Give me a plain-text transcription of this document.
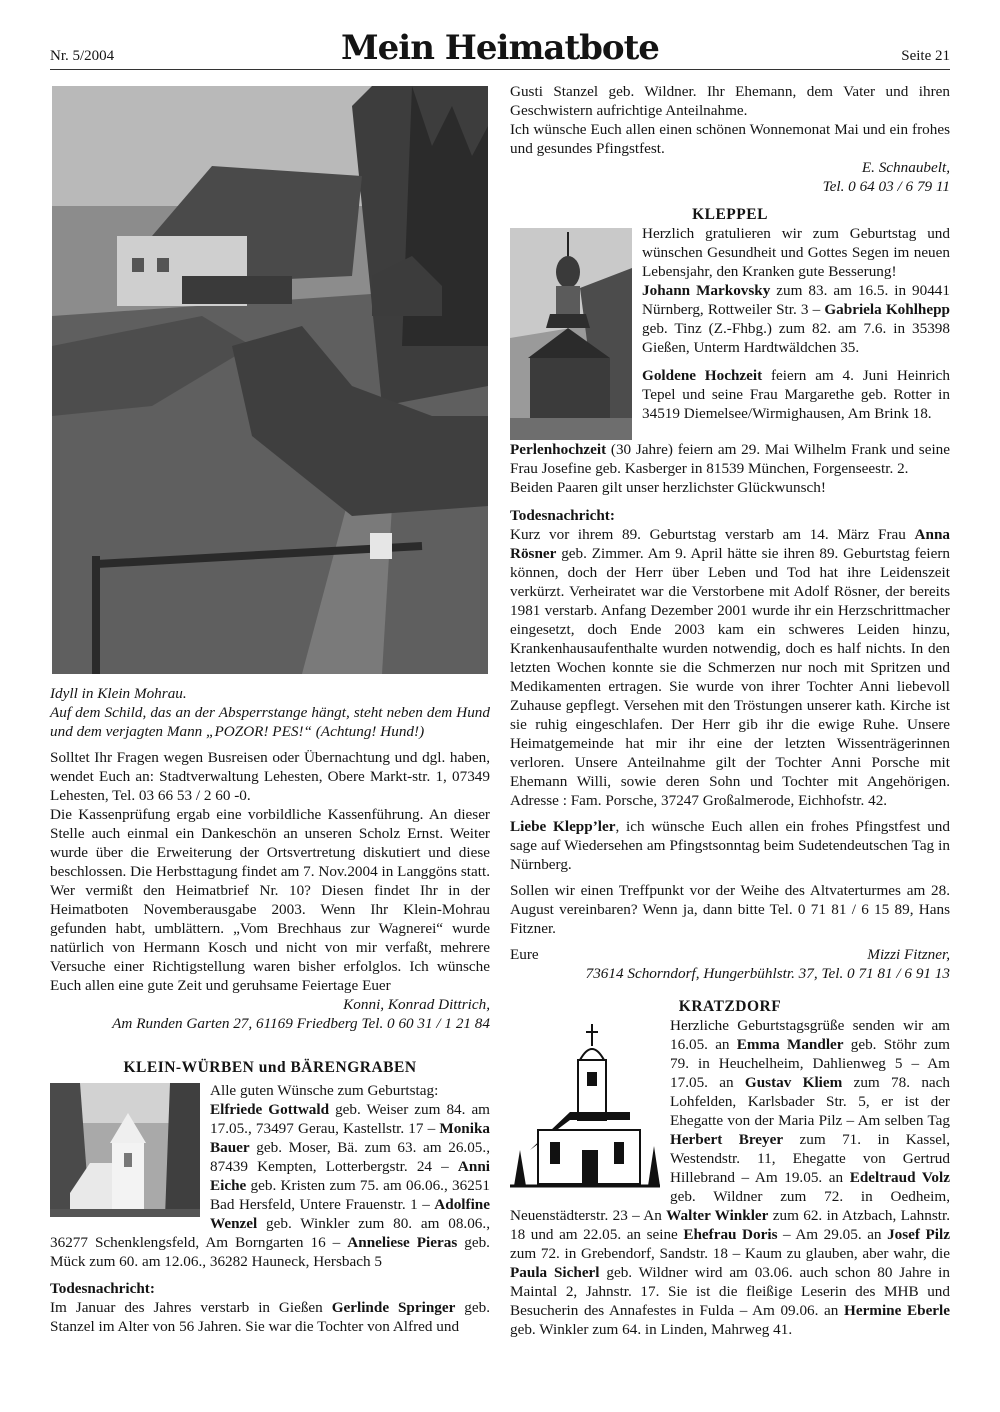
Nr. 5/2004	Mein Heimatbote	Seite 21

Idyll in Klein Mohrau.

Auf dem Schild, das an der Absperrstange hängt, steht neben dem Hund und dem verjagten Mann „POZOR! PES!“ (Achtung! Hund!)

Solltet Ihr Fragen wegen Busreisen oder Übernachtung und dgl. haben, wendet Euch an: Stadtverwaltung Lehesten, Obere Markt-str. 1, 07349 Lehesten, Tel. 03 66 53 / 2 60 -0.

Die Kassenprüfung ergab eine vorbildliche Kassenführung. An dieser Stelle auch einmal ein Dankeschön an unseren Scholz Ernst. Weiter wurde über die Erweiterung der Ortsvertretung diskutiert und diese beschlossen. Die Herbsttagung findet am 7. Nov.2004 in Langgöns statt. Wer vermißt den Heimatbrief Nr. 10? Diesen findet Ihr in der Heimatboten Novemberausgabe 2003. Wenn Ihr Klein-Mohrau gefunden habt, umblättern. „Vom Brechhaus zur Wagnerei“ wurde natürlich von Hermann Kosch und nicht von mir verfaßt, mehrere Versuche einer Richtigstellung waren bisher erfolglos. Ich wünsche Euch allen eine gute Zeit und geruhsame Feiertage Euer

Konni, Konrad Dittrich,

Am Runden Garten 27, 61169 Friedberg Tel. 0 60 31 / 1 21 84

KLEIN-WÜRBEN und BÄRENGRABEN

Alle guten Wünsche zum Geburtstag:

Elfriede Gottwald geb. Weiser zum 84. am 17.05., 73497 Gerau, Kastellstr. 17 – Monika Bauer geb. Moser, Bä. zum 63. am 26.05., 87439 Kempten, Lotterbergstr. 24 – Anni Eiche geb. Kristen zum 75. am 06.06., 36251 Bad Hersfeld, Untere Frauenstr. 1 – Adolfine Wenzel geb. Winkler zum 80. am 08.06., 36277 Schenklengsfeld, Am Borngarten 16 – Anneliese Pieras geb. Mück zum 60. am 12.06., 36282 Hauneck, Hersbach 5

Todesnachricht:

Im Januar des Jahres verstarb in Gießen Gerlinde Springer geb. Stanzel im Alter von 56 Jahren. Sie war die Tochter von Alfred und

Gusti Stanzel geb. Wildner. Ihr Ehemann, dem Vater und ihren Geschwistern aufrichtige Anteilnahme.

Ich wünsche Euch allen einen schönen Wonnemonat Mai und ein frohes und gesundes Pfingstfest.

E. Schnaubelt,

Tel. 0 64 03 / 6 79 11

KLEPPEL

Herzlich gratulieren wir zum Geburtstag und wünschen Gesundheit und Gottes Segen im neuen Lebensjahr, den Kranken gute Besserung!

Johann Markovsky zum 83. am 16.5. in 90441 Nürnberg, Rottweiler Str. 3 – Gabriela Kohlhepp geb. Tinz (Z.-Fhbg.) zum 82. am 7.6. in 35398 Gießen, Unterm Hardtwäldchen 35.

Goldene Hochzeit feiern am 4. Juni Heinrich Tepel und seine Frau Margarethe geb. Rotter in 34519 Diemelsee/Wirmighausen, Am Brink 18.

Perlenhochzeit (30 Jahre) feiern am 29. Mai Wilhelm Frank und seine Frau Josefine geb. Kasberger in 81539 München, Forgenseestr. 2.

Beiden Paaren gilt unser herzlichster Glückwunsch!

Todesnachricht:

Kurz vor ihrem 89. Geburtstag verstarb am 14. März Frau Anna Rösner geb. Zimmer. Am 9. April hätte sie ihren 89. Geburtstag feiern können, doch der Herr über Leben und Tod hat ihre Leidenszeit verkürzt. Verheiratet war die Verstorbene mit Adolf Rösner, der bereits 1981 verstarb. Anfang Dezember 2001 wurde ihr ein Herzschrittmacher eingesetzt, doch Ende 2003 kam ein schweres Leiden hinzu, Krankenhausaufenthalte wurden notwendig, doch es half nichts. In den letzten Wochen konnte sie die Schmerzen nur noch mit Spritzen und Medikamenten ertragen. Sie wurde von ihrer Tochter Anni liebevoll Zuhause gepflegt. Versehen mit den Tröstungen unserer kath. Kirche ist sie ruhig eingeschlafen. Der Herr gib ihr die ewige Ruhe. Unsere Heimatgemeinde hat mir ihr eine der letzten Wissenträgerinnen verloren. Unsere Anteilnahme gilt der Tochter Anni Porsche mit Ehemann Willi, sowie deren Sohn und Tochter mit Angehörigen. Adresse : Fam. Porsche, 37247 Großalmerode, Eichhofstr. 42.

Liebe Klepp’ler, ich wünsche Euch allen ein frohes Pfingstfest und sage auf Wiedersehen am Pfingstsonntag beim Sudetendeutschen Tag in Nürnberg.

Sollen wir einen Treffpunkt vor der Weihe des Altvaterturmes am 28. August vereinbaren? Wenn ja, dann bitte Tel. 0 71 81 / 6 15 89, Hans Fitzner.

Eure	Mizzi Fitzner,

73614 Schorndorf, Hungerbühlstr. 37, Tel. 0 71 81 / 6 91 13

KRATZDORF

Herzliche Geburtstagsgrüße senden wir am 16.05. an Emma Mandler geb. Stöhr zum 79. in Heuchelheim, Dahlienweg 5 – Am 17.05. an Gustav Kliem zum 78. nach Lohfelden, Karlsbader Str. 5, er ist der Ehegatte von der Maria Pilz – Am selben Tag Herbert Breyer zum 71. in Kassel, Westendstr. 11, Ehegatte von Gertrud Hillebrand – Am 19.05. an Edeltraud Volz geb. Wildner zum 72. in Oedheim, Neuenstädterstr. 23 – An Walter Winkler zum 62. in Atzbach, Lahnstr. 18 und am 22.05. an seine Ehefrau Doris – Am 29.05. an Josef Pilz zum 72. in Grebendorf, Sandstr. 18 – Kaum zu glauben, aber wahr, die Paula Sicherl geb. Wildner wird am 03.06. auch schon 80 Jahre in Maintal 2, Jahnstr. 17. Sie ist die fleißige Leserin des MHB und Besucherin des Annafestes in Fulda – Am 09.06. an Hermine Eberle geb. Winkler zum 64. in Linden, Mahrweg 41.
